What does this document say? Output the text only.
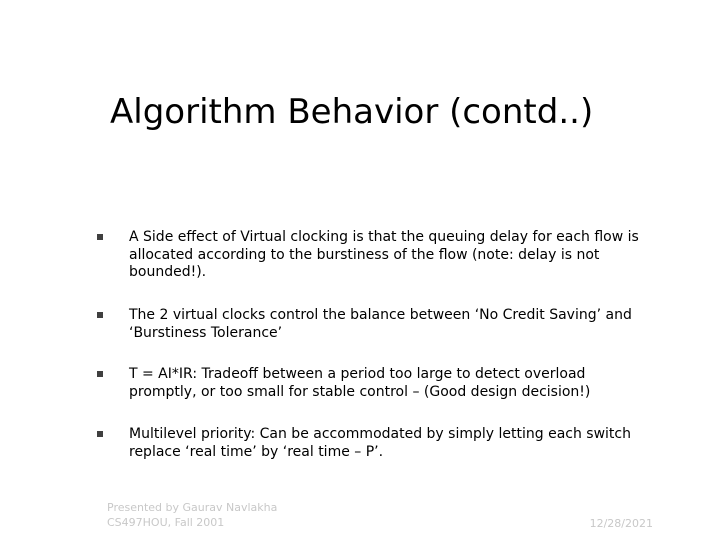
Algorithm Behavior (contd..)
A Side effect of Virtual clocking is that the queuing delay for each flow is allocated according to the burstiness of the flow (note: delay is not bounded!).
The 2 virtual clocks control the balance between ‘No Credit Saving’ and ‘Burstiness Tolerance’
T = AI*IR: Tradeoff between a period too large to detect overload promptly, or too small for stable control – (Good design decision!)
Multilevel priority: Can be accommodated by simply letting each switch replace ‘real time’ by ‘real time – P’.
Presented by Gaurav Navlakha
CS497HOU, Fall 2001	12/28/2021
